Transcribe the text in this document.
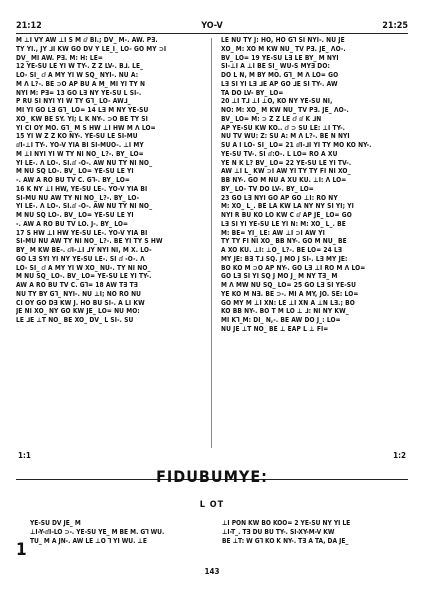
21:12	YO-V	21:25
M ⊥I VY AW ⊥I S M ⅆ BI.; DV_ M-. AW. P∃.
TY YI., JY ⅃I KW GO DV Y LE_I_ LO- GO MY ⊃I
DV_ MI AW. P∃. M: H: LE=
12 YE-SU LE YI W TY-. Z Z LV-. B⅃. LE_
LO- SI_ ⅆ A MY YI W SQ_ NYI-. NU A:
M Λ L?-. BE ⊃O AP BU A M_ MI YI TY N
NYI M: P∃= 13 GO L∃ NY YE-SU L SI-.
P RU SI NYI YI W TY G⅂_ LO- AW⅃_
MI YI GO L∃ G⅂_ LO= 14 L∃ M NY YE-SU
XO_ KW BE SY. YI; L K NY-. ⊃O BE TY SI
YI CI OY MO. G⅂_ M S HW ⊥I HW M Λ LO=
15 YI W Z Z KO NY-. YE-SU LE SI-MU
ⅆI-⊥I TY-. YO-V YIA BI SI-MUO-. ⊥I MY
M ⊥I NYI YI W TY NI NO_ L?-. BY_ LO=
YI LE-. Λ LO-. SI.ⅆ -O-. AW NU TY NI NO_
M NU SQ LO-. BV_ LO= YE-SU LE YI
-. AW A RO BU TV C. G⅂-. BY_ LO=
16 K NY ⊥I HW, YE-SU LE-. YO-V YIA BI
SI-MU NU AW TY NI NO_ L?-. BY_ LO-
YI LE-. Λ LO-. SI.ⅆ -O-. AW NU TY NI NO_
M NU SQ LO-. BV_ LO= YE-SU LE YI
-. AW A RO BU TV LO. J-. BY_ LO=
17 S HW ⊥I HW YE-SU LE-. YO-V YIA BI
SI-MU NU AW TY NI NO_ L?-. BE YI TY S HW
BY_ M KW BE-. ⅆI-⊥I ⅃Y NYI NI, M X. LO-
GO L∃ SYI YI NY YE-SU LE-. SI ⅆ -O-. Λ
LO- SI_ ⅆ A MY YI W XO_ NU-. TY NI NO_
M NU SQ_ LO-. BV_ LO= YE-SU LE YI TY-.
AW A RO BU TV C. G⅂= 18 AW T∃ T∃
NU TY BY G⅂_ NYI-. NU ⊥I; NO RO NU
CI OY GO D∃ KW J. HO BU SI-. A LI KW
JE NI XO_ NY GO KW JE_ LO= NU MO:
LE ⅃E ⊥T NO_ BE XO_ DV_ L SI-. SU
LE NU TY J: HO, HO G⅂ SI NYI-. NU JE
XO_ M: XO M KW NU_ TV P∃. JE_ ΛO-.
BV_ LO= 19 YE-SU L∃ LE BY_ M NYI
SI-⊥I A ⊥I BE SI_ WU-S MY∃ DO:
DO L N, M BY MO. G⅂_ M Λ LO= GO
L∃ SI YI L∃ ⅃E AP GO ⅃E SI TY-. AW
TA DO LV- BY_ LO=
20 ⊥I T⅃ ⊥I ⊥O, KO NY YE-SU NI,
NO: M: XO_ M KW NU_ TV P∃. JE_ ΛO-.
BV_ LO= M: ⊃ Z Z LE ⅆ ⅆ K ⅃N
AP YE-SU KW KO.. ⅆ ⊃ SU LE: ⊥I TY-.
NU TV WU: Z: SU A: M Λ L?-. BE N NYI
SU A I LO- SI_ LO= 21 ⅆI-⅃I YI TY MO KO NY-.
YE-SU TV-. SI ⅆ:O-. L LO= RO A XU
YE N K L? BV_ LO= 22 YE-SU LE YI TV-.
AW ⊥I L_ KW ⊃I AW YI TY TY FI NI XO_
BB NY-. GO M NU A XU KU. ⊥I: Λ LO=
BY_ LO- TV DO LV-. BY_ LO=
23 GO L∃ NYI GO AP GO ⊥I: RO NY
M: XO_ L_. BE LA KW LA NY NY SI YI; YI
NYI R BU KO LO KW C ⅆ AP JE_ LO= GO
L∃ SI YI YE-SU LE YI N: M: XO_ L_. BE
M: BE= YI_ LE: AW ⊥I ⊃I AW YI
TY TY FI NI XO_ BB NY-. GO M NU_ BE
A XO KU. ⊥I: ⊥O_ L?-. BE LO= 24 L∃
MY JE: B∃ T⅃ SQ. J MO J SI-. L∃ MY JE:
BO KO M ⊃O AP NY-. GO L∃ ⊥I RO M Λ LO=
GO L∃ SI YI SQ J MO J_ M NY T∃_ M
M Λ MW NU SQ_ LO= 25 GO L∃ SI YE-SU
YE KO M N∃. BE ⊃-. MI A MY, JO. SE: LO=
GO MY M ⊥I XN: LE ⊥I XN A ⊥N L∃.; BO
KO BB NY-. BO T M LO ⊥ ⅃: NI NY KW_
MI K⅂_M: DI_ N,-. BE AW DO J_: LO=
NU JE ⊥T NO_ BE ⊥ EAP L ⊥ FI=
1:1	1:2
FIDUBUMYE:
L OT
1
YE-SU DV JE_ M
⊥I-Y-ⅆI-LO ⊃-. YE-SU YE_ M BE M. G⅂ WU.
TU_ M A JN-. AW LE ⊥O ⅂ YI WU. ⊥E
⊥I PON KW BO KOO= 2 YE-SU NY YI LE
⊥I-T_. T∃ DU BU TY-. SI-XY-M-V KW
BE ⊥T: W G⅂ KO K NY-. T∃ A TA, DA JE_
143
